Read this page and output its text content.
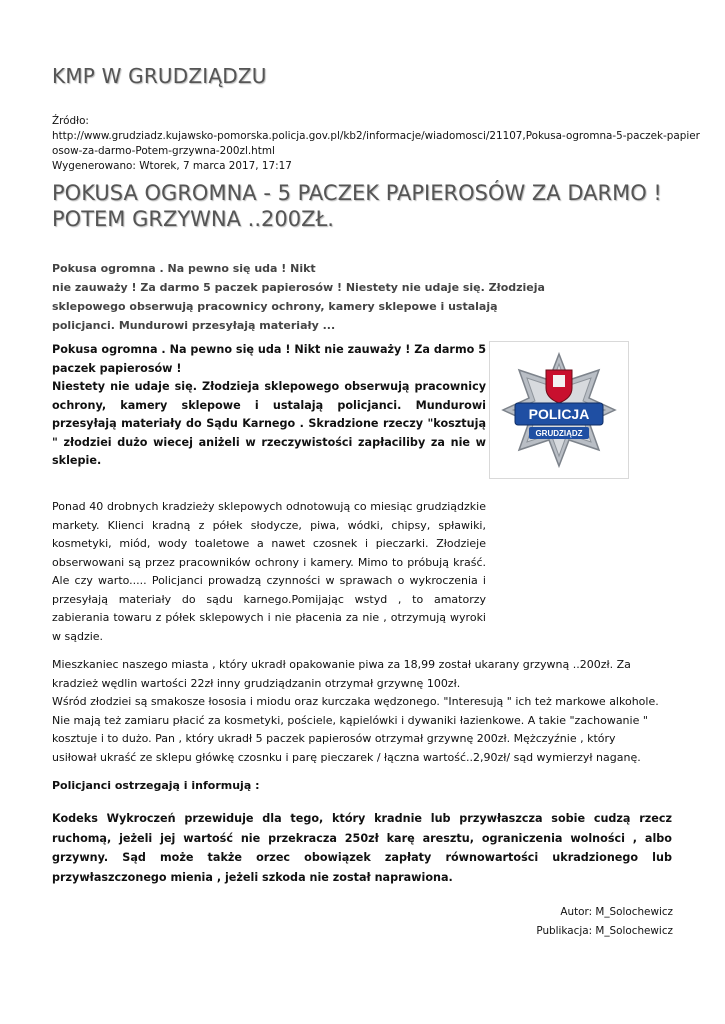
KMP W GRUDZIĄDZU
Źródło:
http://www.grudziadz.kujawsko-pomorska.policja.gov.pl/kb2/informacje/wiadomosci/21107,Pokusa-ogromna-5-paczek-papier
osow-za-darmo-Potem-grzywna-200zl.html
Wygenerowano: Wtorek, 7 marca 2017, 17:17
POKUSA OGROMNA - 5 PACZEK PAPIEROSÓW ZA DARMO ! POTEM GRZYWNA ..200ZŁ.
Pokusa ogromna . Na pewno się uda ! Nikt
nie zauważy ! Za darmo 5 paczek papierosów ! Niestety nie udaje się. Złodzieja
sklepowego obserwują pracownicy ochrony, kamery sklepowe i ustalają
policjanci. Mundurowi przesyłają materiały ...
Pokusa ogromna . Na pewno się uda ! Nikt nie zauważy ! Za darmo 5 paczek papierosów !
Niestety nie udaje się. Złodzieja sklepowego obserwują pracownicy ochrony, kamery sklepowe i ustalają policjanci. Mundurowi przesyłają materiały do Sądu Karnego . Skradzione rzeczy "kosztują " złodziei dużo wiecej aniżeli w rzeczywistości zapłaciliby za nie w sklepie.
POLICJA
GRUDZIĄDZ
Ponad 40 drobnych kradzieży sklepowych odnotowują co miesiąc grudziądzkie markety. Klienci kradną z półek słodycze, piwa, wódki, chipsy, spławiki, kosmetyki, miód, wody toaletowe a nawet czosnek i pieczarki. Złodzieje obserwowani są przez pracowników ochrony i kamery. Mimo to próbują kraść. Ale czy warto..... Policjanci prowadzą czynności w sprawach o wykroczenia i przesyłają materiały do sądu karnego.Pomijając wstyd , to amatorzy zabierania towaru z półek sklepowych i nie płacenia za nie , otrzymują wyroki w sądzie.
Mieszkaniec naszego miasta , który ukradł opakowanie piwa za 18,99 został ukarany grzywną ..200zł. Za
kradzież wędlin wartości 22zł inny grudziądzanin otrzymał grzywnę 100zł.
Wśród złodziei są smakosze łososia i miodu oraz kurczaka wędzonego. "Interesują " ich też markowe alkohole.
Nie mają też zamiaru płacić za kosmetyki, pościele, kąpielówki i dywaniki łazienkowe. A takie "zachowanie "
kosztuje i to dużo. Pan , który ukradł 5 paczek papierosów otrzymał grzywnę 200zł. Mężczyźnie , który
usiłował ukraść ze sklepu główkę czosnku i parę pieczarek / łączna wartość..2,90zł/ sąd wymierzył naganę.
Policjanci ostrzegają i informują :
Kodeks Wykroczeń przewiduje dla tego, który kradnie lub przywłaszcza sobie cudzą rzecz ruchomą, jeżeli jej wartość nie przekracza 250zł karę aresztu, ograniczenia wolności , albo grzywny. Sąd może także orzec obowiązek zapłaty równowartości ukradzionego lub przywłaszczonego mienia , jeżeli szkoda nie został naprawiona.
Autor: M_Solochewicz
Publikacja: M_Solochewicz
